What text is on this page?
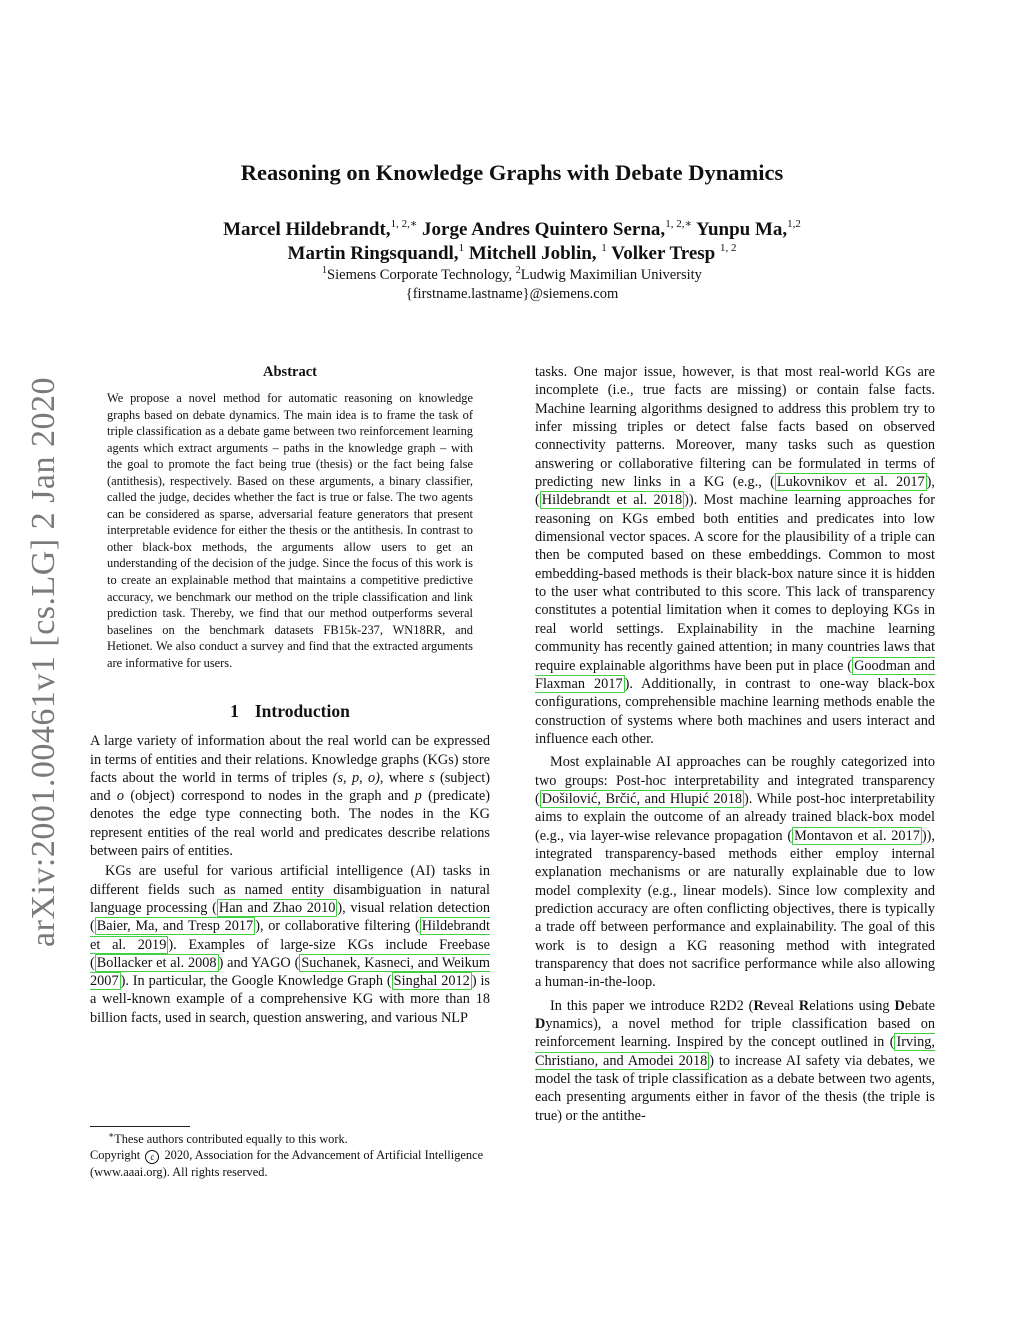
arXiv:2001.00461v1 [cs.LG] 2 Jan 2020
Reasoning on Knowledge Graphs with Debate Dynamics
Marcel Hildebrandt,$^{1, 2,∗}$ Jorge Andres Quintero Serna,$^{1, 2,∗}$ Yunpu Ma,$^{1,2}$
Martin Ringsquandl,$^1$ Mitchell Joblin, $^1$ Volker Tresp $^{1, 2}$
$^1$Siemens Corporate Technology, $^2$Ludwig Maximilian University
{firstname.lastname}@siemens.com
Abstract

We propose a novel method for automatic reasoning on knowledge graphs based on debate dynamics. The main idea is to frame the task of triple classification as a debate game between two reinforcement learning agents which extract arguments – paths in the knowledge graph – with the goal to promote the fact being true (thesis) or the fact being false (antithesis), respectively. Based on these arguments, a binary classifier, called the judge, decides whether the fact is true or false. The two agents can be considered as sparse, adversarial feature generators that present interpretable evidence for either the thesis or the antithesis. In contrast to other black-box methods, the arguments allow users to get an understanding of the decision of the judge. Since the focus of this work is to create an explainable method that maintains a competitive predictive accuracy, we benchmark our method on the triple classification and link prediction task. Thereby, we find that our method outperforms several baselines on the benchmark datasets FB15k-237, WN18RR, and Hetionet. We also conduct a survey and find that the extracted arguments are informative for users.

1 Introduction

A large variety of information about the real world can be expressed in terms of entities and their relations. Knowledge graphs (KGs) store facts about the world in terms of triples (s, p, o), where s (subject) and o (object) correspond to nodes in the graph and p (predicate) denotes the edge type connecting both. The nodes in the KG represent entities of the real world and predicates describe relations between pairs of entities.

KGs are useful for various artificial intelligence (AI) tasks in different fields such as named entity disambiguation in natural language processing ( Han and Zhao 2010 ), visual relation detection ( Baier, Ma, and Tresp 2017 ), or collaborative filtering ( Hildebrandt et al. 2019 ). Examples of large-size KGs include Freebase ( Bollacker et al. 2008 ) and YAGO ( Suchanek, Kasneci, and Weikum 2007 ). In particular, the Google Knowledge Graph ( Singhal 2012 ) is a well-known example of a comprehensive KG with more than 18 billion facts, used in search, question answering, and various NLP

∗These authors contributed equally to this work.
Copyright c 2020, Association for the Advancement of Artificial Intelligence (www.aaai.org). All rights reserved.

tasks. One major issue, however, is that most real-world KGs are incomplete (i.e., true facts are missing) or contain false facts. Machine learning algorithms designed to address this problem try to infer missing triples or detect false facts based on observed connectivity patterns. Moreover, many tasks such as question answering or collaborative filtering can be formulated in terms of predicting new links in a KG (e.g., ( Lukovnikov et al. 2017 ), ( Hildebrandt et al. 2018 )). Most machine learning approaches for reasoning on KGs embed both entities and predicates into low dimensional vector spaces. A score for the plausibility of a triple can then be computed based on these embeddings. Common to most embedding-based methods is their black-box nature since it is hidden to the user what contributed to this score. This lack of transparency constitutes a potential limitation when it comes to deploying KGs in real world settings. Explainability in the machine learning community has recently gained attention; in many countries laws that require explainable algorithms have been put in place ( Goodman and Flaxman 2017 ). Additionally, in contrast to one-way black-box configurations, comprehensible machine learning methods enable the construction of systems where both machines and users interact and influence each other.

Most explainable AI approaches can be roughly categorized into two groups: Post-hoc interpretability and integrated transparency ( Došilović, Brčić, and Hlupić 2018 ). While post-hoc interpretability aims to explain the outcome of an already trained black-box model (e.g., via layer-wise relevance propagation ( Montavon et al. 2017 )), integrated transparency-based methods either employ internal explanation mechanisms or are naturally explainable due to low model complexity (e.g., linear models). Since low complexity and prediction accuracy are often conflicting objectives, there is typically a trade off between performance and explainability. The goal of this work is to design a KG reasoning method with integrated transparency that does not sacrifice performance while also allowing a human-in-the-loop.

In this paper we introduce R2D2 (Reveal Relations using Debate Dynamics), a novel method for triple classification based on reinforcement learning. Inspired by the concept outlined in ( Irving, Christiano, and Amodei 2018 ) to increase AI safety via debates, we model the task of triple classification as a debate between two agents, each presenting arguments either in favor of the thesis (the triple is true) or the antithe-
